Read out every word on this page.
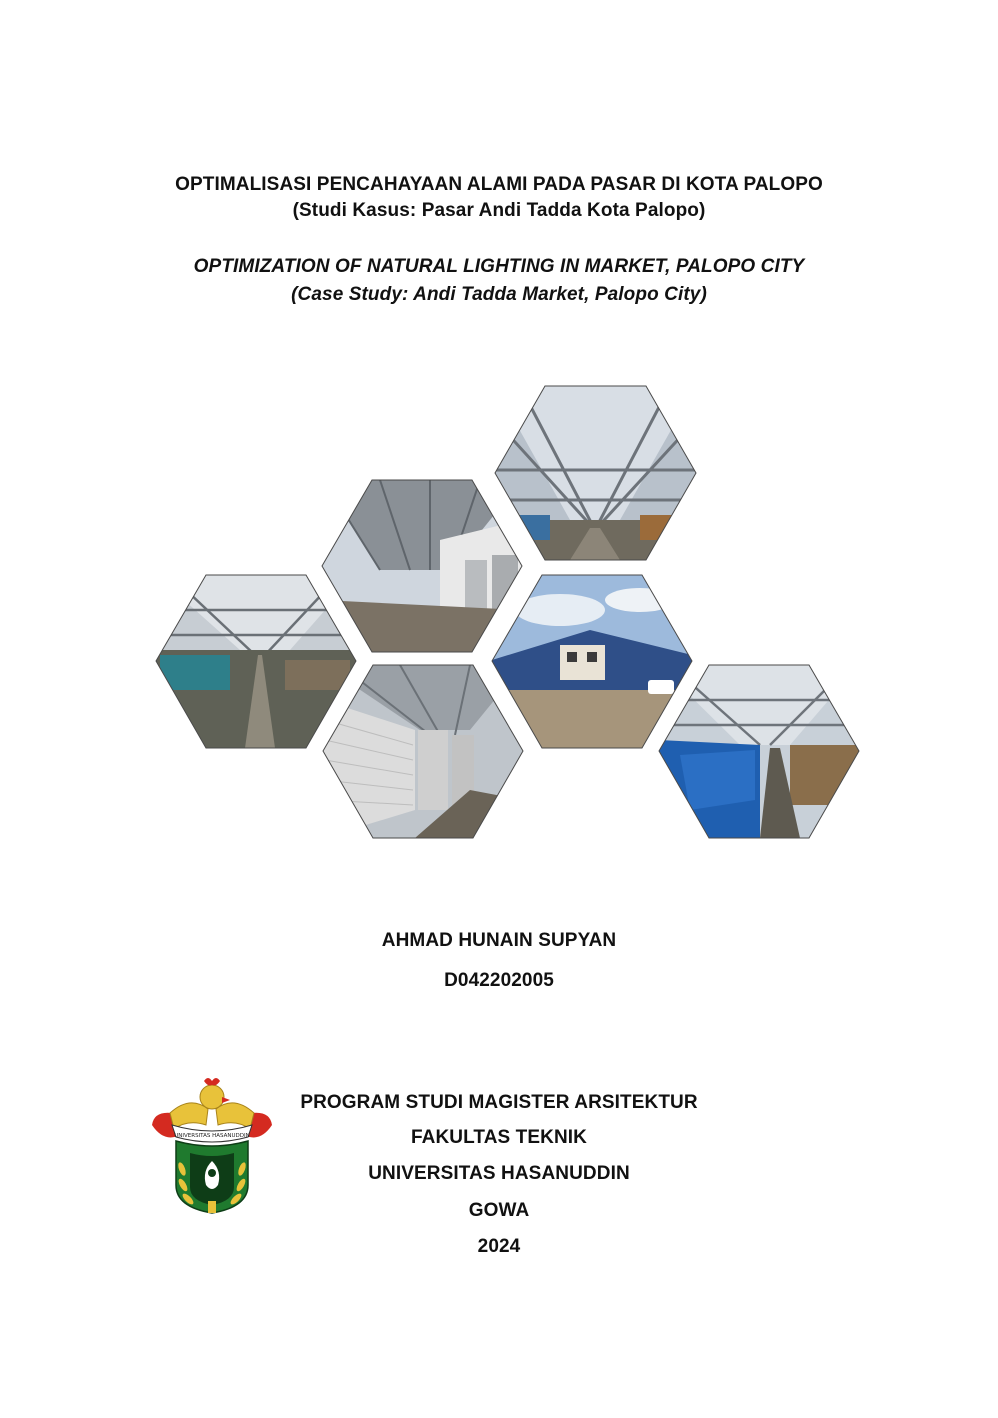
OPTIMALISASI PENCAHAYAAN ALAMI PADA PASAR DI KOTA PALOPO
(Studi Kasus: Pasar Andi Tadda Kota Palopo)
OPTIMIZATION OF NATURAL LIGHTING IN MARKET, PALOPO CITY
(Case Study: Andi Tadda Market, Palopo City)
AHMAD HUNAIN SUPYAN
D042202005
UNIVERSITAS HASANUDDIN
PROGRAM STUDI MAGISTER ARSITEKTUR
FAKULTAS TEKNIK
UNIVERSITAS HASANUDDIN
GOWA
2024
